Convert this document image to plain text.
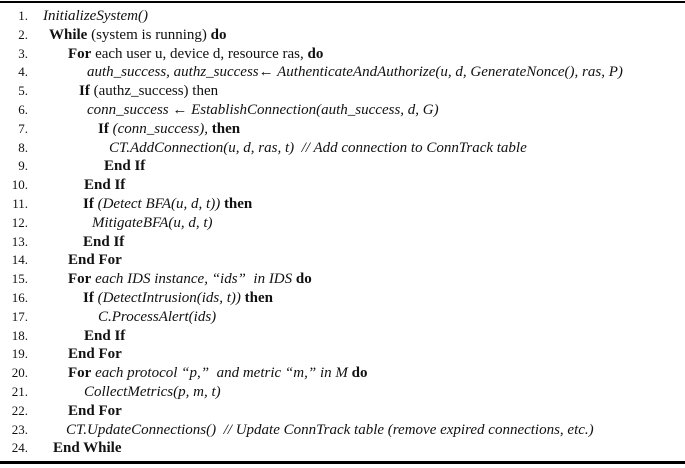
1. InitializeSystem()
2. While (system is running) do
3.	For each user u, device d, resource ras, do
4.	auth_success, authz_success← AuthenticateAndAuthorize(u, d, GenerateNonce(), ras, P)
5.	If (authz_success) then
6.	conn_success ← EstablishConnection(auth_success, d, G)
7.	If (conn_success), then
8.	CT.AddConnection(u, d, ras, t)  // Add connection to ConnTrack table
9.	End If
10.	End If
11.	If (Detect BFA(u, d, t)) then
12.	MitigateBFA(u, d, t)
13.	End If
14.	End For
15.	For each IDS instance, “ids”  in IDS do
16.	If (DetectIntrusion(ids, t)) then
17.	C.ProcessAlert(ids)
18.	End If
19.	End For
20.	For each protocol “p,”  and metric “m,” in M do
21.	CollectMetrics(p, m, t)
22.	End For
23.	CT.UpdateConnections()  // Update ConnTrack table (remove expired connections, etc.)
24. End While
